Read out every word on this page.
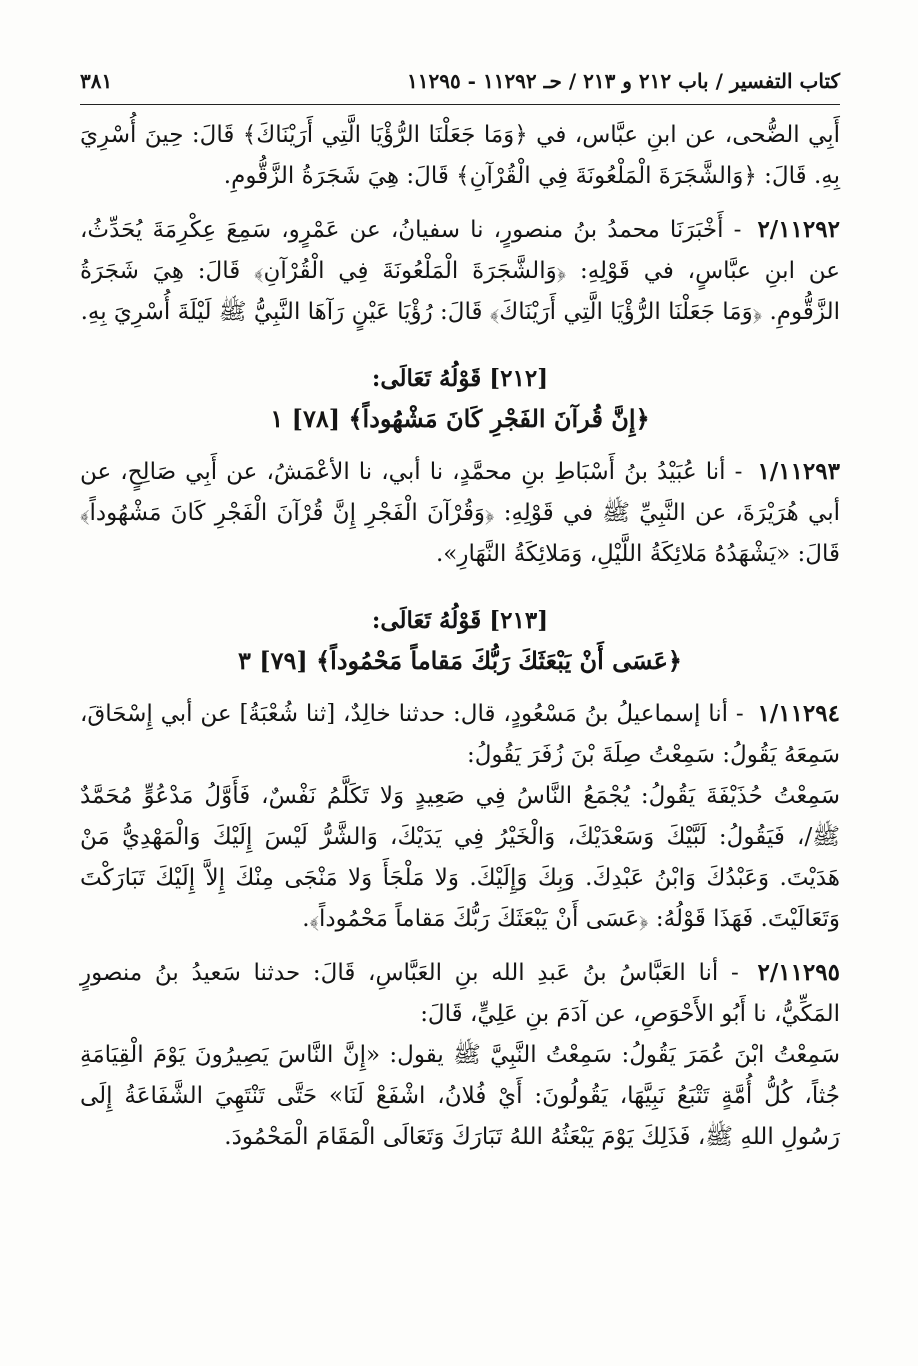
كتاب التفسير / باب ٢١٢ و ٢١٣ / حـ ١١٢٩٢ - ١١٢٩٥
٣٨١

أَبِي الضُّحى، عن ابنِ عبَّاس، في ﴿وَمَا جَعَلْنَا الرُّؤْيَا الَّتِي أَرَيْنَاكَ﴾ قَالَ: حِينَ أُسْرِيَ بِهِ. قَالَ: ﴿وَالشَّجَرَةَ الْمَلْعُونَةَ فِي الْقُرْآنِ﴾ قَالَ: هِيَ شَجَرَةُ الزَّقُّومِ.

٢/١١٢٩٢ - أَخْبَرَنَا محمدُ بنُ منصورٍ، نا سفيانُ، عن عَمْرٍو، سَمِعَ عِكْرِمَةَ يُحَدِّثُ، عن ابنِ عبَّاسٍ، في قَوْلِهِ: ﴿وَالشَّجَرَةَ الْمَلْعُونَةَ فِي الْقُرْآنِ﴾ قَالَ: هِيَ شَجَرَةُ الزَّقُّومِ. ﴿وَمَا جَعَلْنَا الرُّؤْيَا الَّتِي أَرَيْنَاكَ﴾ قَالَ: رُؤْيَا عَيْنٍ رَآهَا النَّبِيُّ ﷺ لَيْلَةَ أُسْرِيَ بِهِ.

[٢١٢] قَوْلُهُ تَعَالَى:

﴿إِنَّ قُرآنَ الفَجْرِ كَانَ مَشْهُوداً﴾ [٧٨] ١

١/١١٢٩٣ - أنا عُبَيْدُ بنُ أَسْبَاطِ بنِ محمَّدٍ، نا أبي، نا الأعْمَشُ، عن أَبِي صَالِحٍ، عن أبي هُرَيْرَةَ، عن النَّبِيِّ ﷺ في قَوْلِهِ: ﴿وَقُرْآنَ الْفَجْرِ إِنَّ قُرْآنَ الْفَجْرِ كَانَ مَشْهُوداً﴾ قَالَ: «يَشْهَدُهُ مَلائِكَةُ اللَّيْلِ، وَمَلائِكَةُ النَّهَارِ».

[٢١٣] قَوْلُهُ تَعَالَى:

﴿عَسَى أَنْ يَبْعَثَكَ رَبُّكَ مَقاماً مَحْمُوداً﴾ [٧٩] ٣

١/١١٢٩٤ - أنا إسماعيلُ بنُ مَسْعُودٍ، قال: حدثنا خالِدٌ، [ثنا شُعْبَةُ] عن أبي إِسْحَاقَ، سَمِعَهُ يَقُولُ: سَمِعْتُ صِلَةَ بْنَ زُفَرَ يَقُولُ:

سَمِعْتُ حُذَيْفَةَ يَقُولُ: يُجْمَعُ النَّاسُ فِي صَعِيدٍ وَلا تَكَلَّمُ نَفْسٌ، فَأَوَّلُ مَدْعُوٍّ مُحَمَّدٌ ﷺ/، فَيَقُولُ: لَبَّيْكَ وَسَعْدَيْكَ، وَالْخَيْرُ فِي يَدَيْكَ، وَالشَّرُّ لَيْسَ إِلَيْكَ وَالْمَهْدِيُّ مَنْ هَدَيْتَ. وَعَبْدُكَ وَابْنُ عَبْدِكَ. وَبِكَ وَإِلَيْكَ. وَلا مَلْجَأَ وَلا مَنْجَى مِنْكَ إِلاَّ إِلَيْكَ تَبَارَكْتَ وَتَعَالَيْتَ. فَهَذَا قَوْلُهُ: ﴿عَسَى أَنْ يَبْعَثَكَ رَبُّكَ مَقاماً مَحْمُوداً﴾.

٢/١١٢٩٥ - أنا العَبَّاسُ بنُ عَبدِ الله بنِ العَبَّاسِ، قَالَ: حدثنا سَعيدُ بنُ منصورٍ المَكِّيُّ، نا أَبُو الأَحْوَصِ، عن آدَمَ بنِ عَلِيٍّ، قَالَ:

سَمِعْتُ ابْنَ عُمَرَ يَقُولُ: سَمِعْتُ النَّبِيَّ ﷺ يقول: «إِنَّ النَّاسَ يَصِيرُونَ يَوْمَ الْقِيَامَةِ جُثاً، كُلُّ أُمَّةٍ تَتْبَعُ نَبِيَّهَا، يَقُولُونَ: أَيْ فُلانُ، اشْفَعْ لَنَا» حَتَّى تَنْتَهِيَ الشَّفَاعَةُ إِلَى رَسُولِ اللهِ ﷺ، فَذَلِكَ يَوْمَ يَبْعَثُهُ اللهُ تَبَارَكَ وَتَعَالَى الْمَقَامَ الْمَحْمُودَ.
